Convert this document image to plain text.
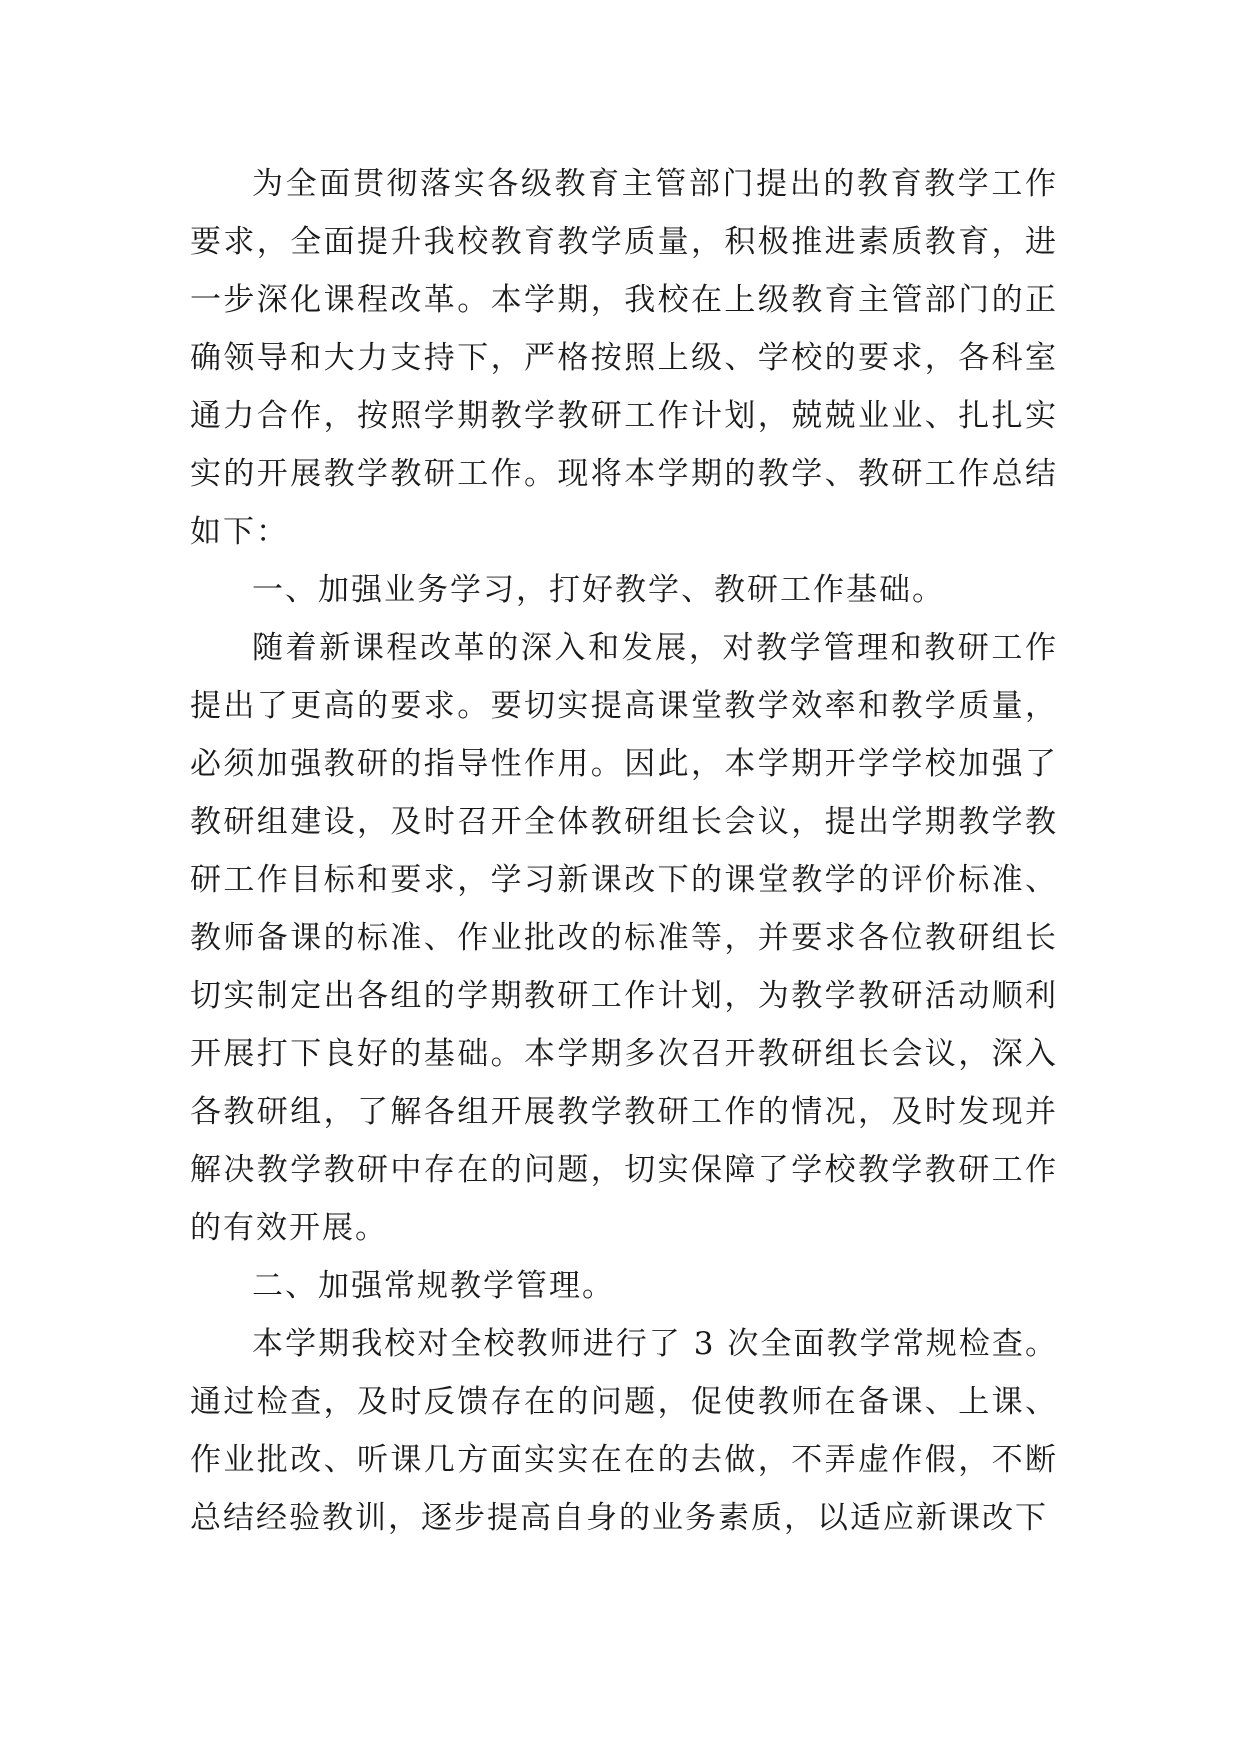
为全面贯彻落实各级教育主管部门提出的教育教学工作要求，全面提升我校教育教学质量，积极推进素质教育，进一步深化课程改革。本学期，我校在上级教育主管部门的正确领导和大力支持下，严格按照上级、学校的要求，各科室通力合作，按照学期教学教研工作计划，兢兢业业、扎扎实实的开展教学教研工作。现将本学期的教学、教研工作总结如下：

一、加强业务学习，打好教学、教研工作基础。

随着新课程改革的深入和发展，对教学管理和教研工作提出了更高的要求。要切实提高课堂教学效率和教学质量，必须加强教研的指导性作用。因此，本学期开学学校加强了教研组建设，及时召开全体教研组长会议，提出学期教学教研工作目标和要求，学习新课改下的课堂教学的评价标准、教师备课的标准、作业批改的标准等，并要求各位教研组长切实制定出各组的学期教研工作计划，为教学教研活动顺利开展打下良好的基础。本学期多次召开教研组长会议，深入各教研组，了解各组开展教学教研工作的情况，及时发现并解决教学教研中存在的问题，切实保障了学校教学教研工作的有效开展。

二、加强常规教学管理。

本学期我校对全校教师进行了 3 次全面教学常规检查。通过检查，及时反馈存在的问题，促使教师在备课、上课、作业批改、听课几方面实实在在的去做，不弄虚作假，不断总结经验教训，逐步提高自身的业务素质，以适应新课改下
